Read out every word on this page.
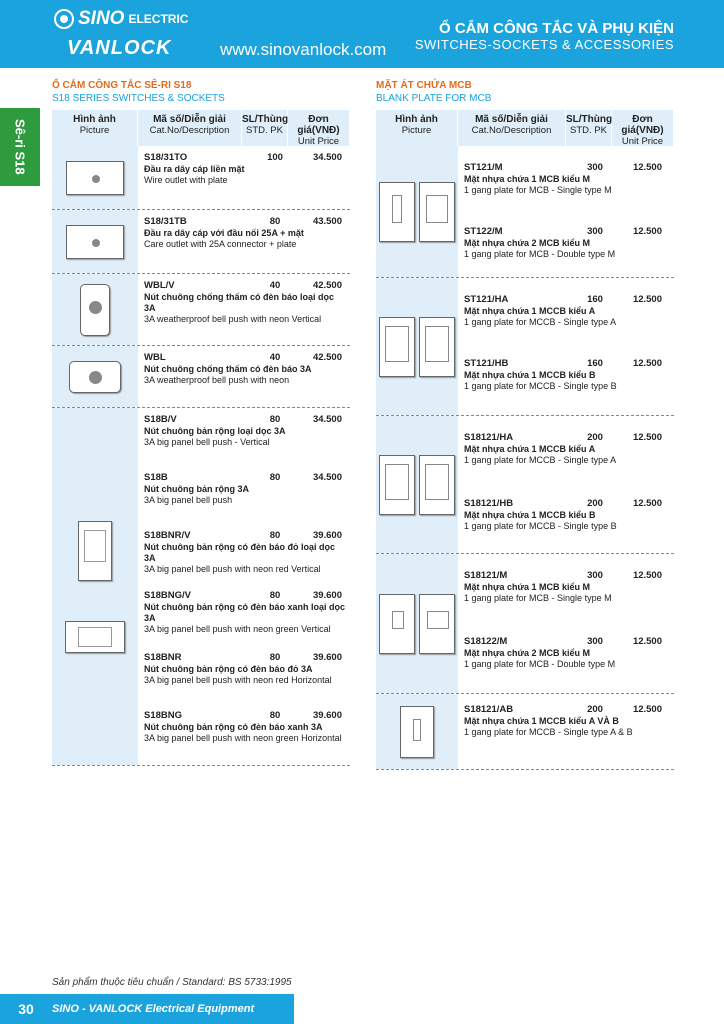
SINO ELECTRIC
VANLOCK	www.sinovanlock.com
Ổ CẮM CÔNG TẮC VÀ PHỤ KIỆN
SWITCHES-SOCKETS & ACCESSORIES
Sê-ri S18
Ổ CẮM CÔNG TẮC SÊ-RI S18
S18 SERIES SWITCHES & SOCKETS
Hình ảnh
Picture
Mã số/Diễn giải
Cat.No/Description
SL/Thùng
STD. PK
Đơn giá(VNĐ)
Unit Price
S18/31TO	100	34.500
Đầu ra dây cáp liền mặt
Wire outlet with plate
S18/31TB	80	43.500
Đầu ra dây cáp với đầu nối 25A + mặt
Care outlet with 25A connector + plate
WBL/V	40	42.500
Nút chuông chống thấm có đèn báo loại dọc 3A
3A weatherproof bell push with neon Vertical
WBL	40	42.500
Nút chuông chống thấm có đèn báo 3A
3A weatherproof bell push with neon
S18B/V	80	34.500
Nút chuông bản rộng loại dọc 3A
3A big panel bell push - Vertical
S18B	80	34.500
Nút chuông bản rộng 3A
3A big panel bell push
S18BNR/V	80	39.600
Nút chuông bản rộng có đèn báo đỏ loại dọc 3A
3A big panel bell push with neon red Vertical
S18BNG/V	80	39.600
Nút chuông bản rộng có đèn báo xanh loại dọc 3A
3A big panel bell push with neon green Vertical
S18BNR	80	39.600
Nút chuông bản rộng có đèn báo đỏ 3A
3A big panel bell push with neon red Horizontal
S18BNG	80	39.600
Nút chuông bản rộng có đèn báo xanh 3A
3A big panel bell push with neon green Horizontal
MẶT ÁT CHỨA MCB
BLANK PLATE FOR MCB
Hình ảnh
Picture
Mã số/Diễn giải
Cat.No/Description
SL/Thùng
STD. PK
Đơn giá(VNĐ)
Unit Price
ST121/M	300	12.500
Mặt nhựa chứa 1 MCB kiểu M
1 gang plate for MCB - Single type M
ST122/M	300	12.500
Mặt nhựa chứa 2 MCB kiểu M
1 gang plate for MCB - Double type M
ST121/HA	160	12.500
Mặt nhựa chứa 1 MCCB kiểu A
1 gang plate for MCCB - Single type A
ST121/HB	160	12.500
Mặt nhựa chứa 1 MCCB kiểu B
1 gang plate for MCCB - Single type B
S18121/HA	200	12.500
Mặt nhựa chứa 1 MCCB kiểu A
1 gang plate for MCCB - Single type A
S18121/HB	200	12.500
Mặt nhựa chứa 1 MCCB kiểu B
1 gang plate for MCCB - Single type B
S18121/M	300	12.500
Mặt nhựa chứa 1 MCB kiểu M
1 gang plate for MCB - Single type M
S18122/M	300	12.500
Mặt nhựa chứa 2 MCB kiểu M
1 gang plate for MCB - Double type M
S18121/AB	200	12.500
Mặt nhựa chứa 1 MCCB kiểu A VÀ B
1 gang plate for MCCB - Single type A & B
Sản phẩm thuộc tiêu chuẩn / Standard: BS 5733:1995
30	SINO - VANLOCK Electrical Equipment
